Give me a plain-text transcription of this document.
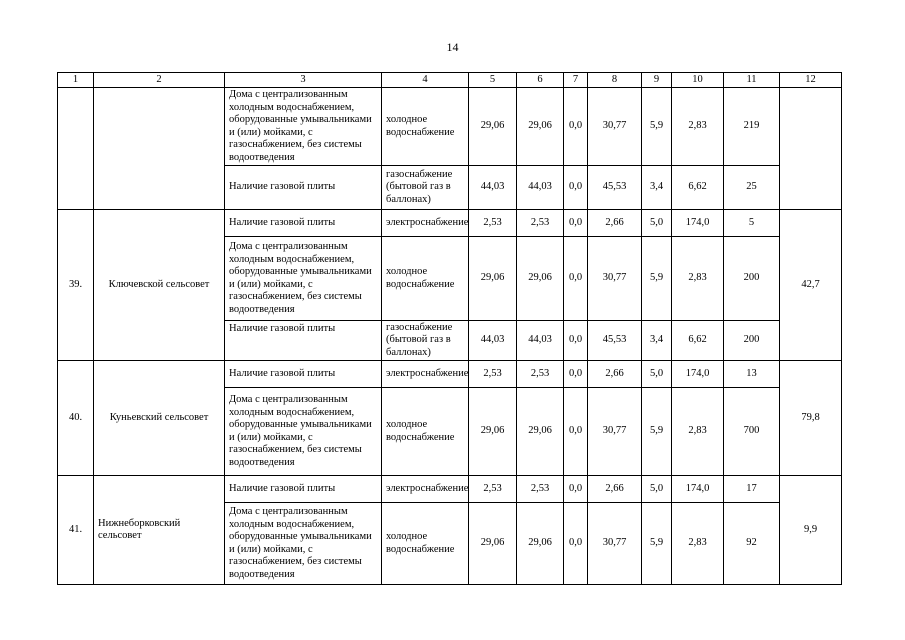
14
1	2	3	4	5	6	7	8	9	10	11	12
		Дома с централизованным холодным водоснабжением, оборудованные умывальниками и (или) мойками, с газоснабжением, без системы водоотведения	холодное водоснабжение	29,06	29,06	0,0	30,77	5,9	2,83	219	
		Наличие газовой плиты	газоснабжение (бытовой газ в баллонах)	44,03	44,03	0,0	45,53	3,4	6,62	25	
39.	Ключевской сельсовет	Наличие газовой плиты	электроснабжение	2,53	2,53	0,0	2,66	5,0	174,0	5	42,7
		Дома с централизованным холодным водоснабжением, оборудованные умывальниками и (или) мойками, с газоснабжением, без системы водоотведения	холодное водоснабжение	29,06	29,06	0,0	30,77	5,9	2,83	200	
		Наличие газовой плиты	газоснабжение (бытовой газ в баллонах)	44,03	44,03	0,0	45,53	3,4	6,62	200	
40.	Куньевский сельсовет	Наличие газовой плиты	электроснабжение	2,53	2,53	0,0	2,66	5,0	174,0	13	79,8
		Дома с централизованным холодным водоснабжением, оборудованные умывальниками и (или) мойками, с газоснабжением, без системы водоотведения	холодное водоснабжение	29,06	29,06	0,0	30,77	5,9	2,83	700	
41.	Нижнеборковский сельсовет	Наличие газовой плиты	электроснабжение	2,53	2,53	0,0	2,66	5,0	174,0	17	9,9
		Дома с централизованным холодным водоснабжением, оборудованные умывальниками и (или) мойками, с газоснабжением, без системы водоотведения	холодное водоснабжение	29,06	29,06	0,0	30,77	5,9	2,83	92	
